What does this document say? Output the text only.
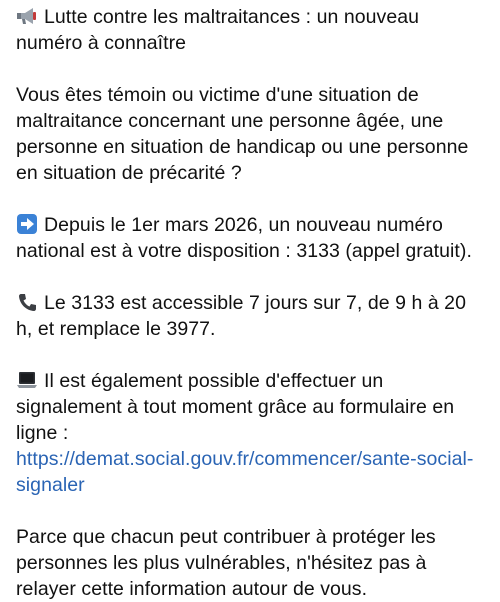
Lutte contre les maltraitances : un nouveau numéro à connaître

Vous êtes témoin ou victime d'une situation de maltraitance concernant une personne âgée, une personne en situation de handicap ou une personne en situation de précarité ?

Depuis le 1er mars 2026, un nouveau numéro national est à votre disposition : 3133 (appel gratuit).

Le 3133 est accessible 7 jours sur 7, de 9 h à 20 h, et remplace le 3977.

Il est également possible d'effectuer un signalement à tout moment grâce au formulaire en ligne :
https://demat.social.gouv.fr/commencer/sante-social-signaler

Parce que chacun peut contribuer à protéger les personnes les plus vulnérables, n'hésitez pas à relayer cette information autour de vous.
